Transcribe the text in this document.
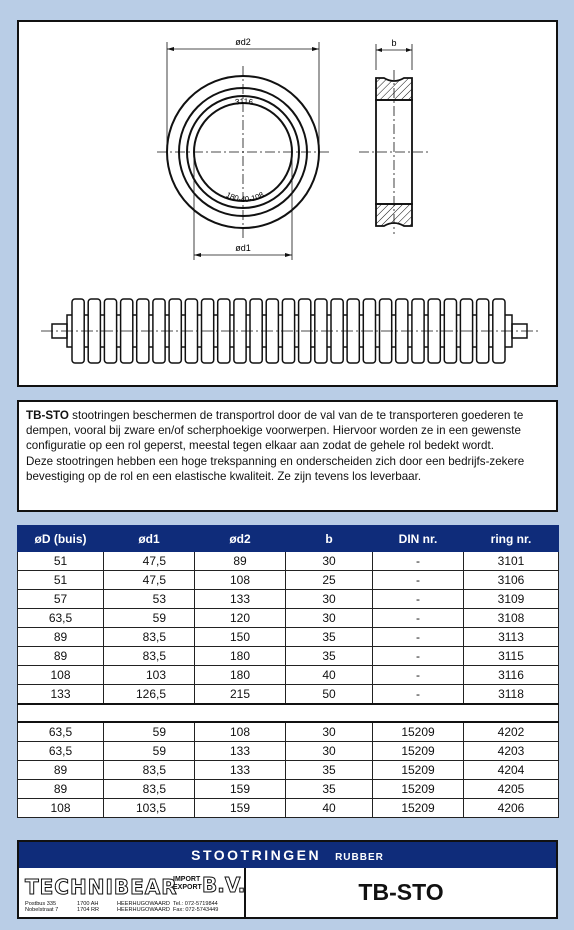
ød2
ød1
3116
180-40-108
b

TB-STO stootringen beschermen de transportrol door de val van de te transporteren goederen te dempen, vooral bij zware en/of scherphoekige voorwerpen. Hiervoor worden ze in een gewenste configuratie op een rol geperst, meestal tegen elkaar aan zodat de gehele rol bedekt wordt.

Deze stootringen hebben een hoge trekspanning en onderscheiden zich door een bedrijfs-zekere bevestiging op de rol en een elastische kwaliteit. Ze zijn tevens los leverbaar.

øD (buis)	ød1	ød2	b	DIN nr.	ring nr.
51	47,5	89	30	-	3101
51	47,5	108	25	-	3106
57	53	133	30	-	3109
63,5	59	120	30	-	3108
89	83,5	150	35	-	3113
89	83,5	180	35	-	3115
108	103	180	40	-	3116
133	126,5	215	50	-	3118

63,5	59	108	30	15209	4202
63,5	59	133	30	15209	4203
89	83,5	133	35	15209	4204
89	83,5	159	35	15209	4205
108	103,5	159	40	15209	4206
STOOTRINGEN RUBBER
TECHNIBEAR
IMPORT
EXPORT B.V.
Postbus 335
Nobelstraat 7
1700 AH
1704 RR
HEERHUGOWAARD
HEERHUGOWAARD
Tel.: 072-5719844
Fax: 072-5743449
TB-STO
